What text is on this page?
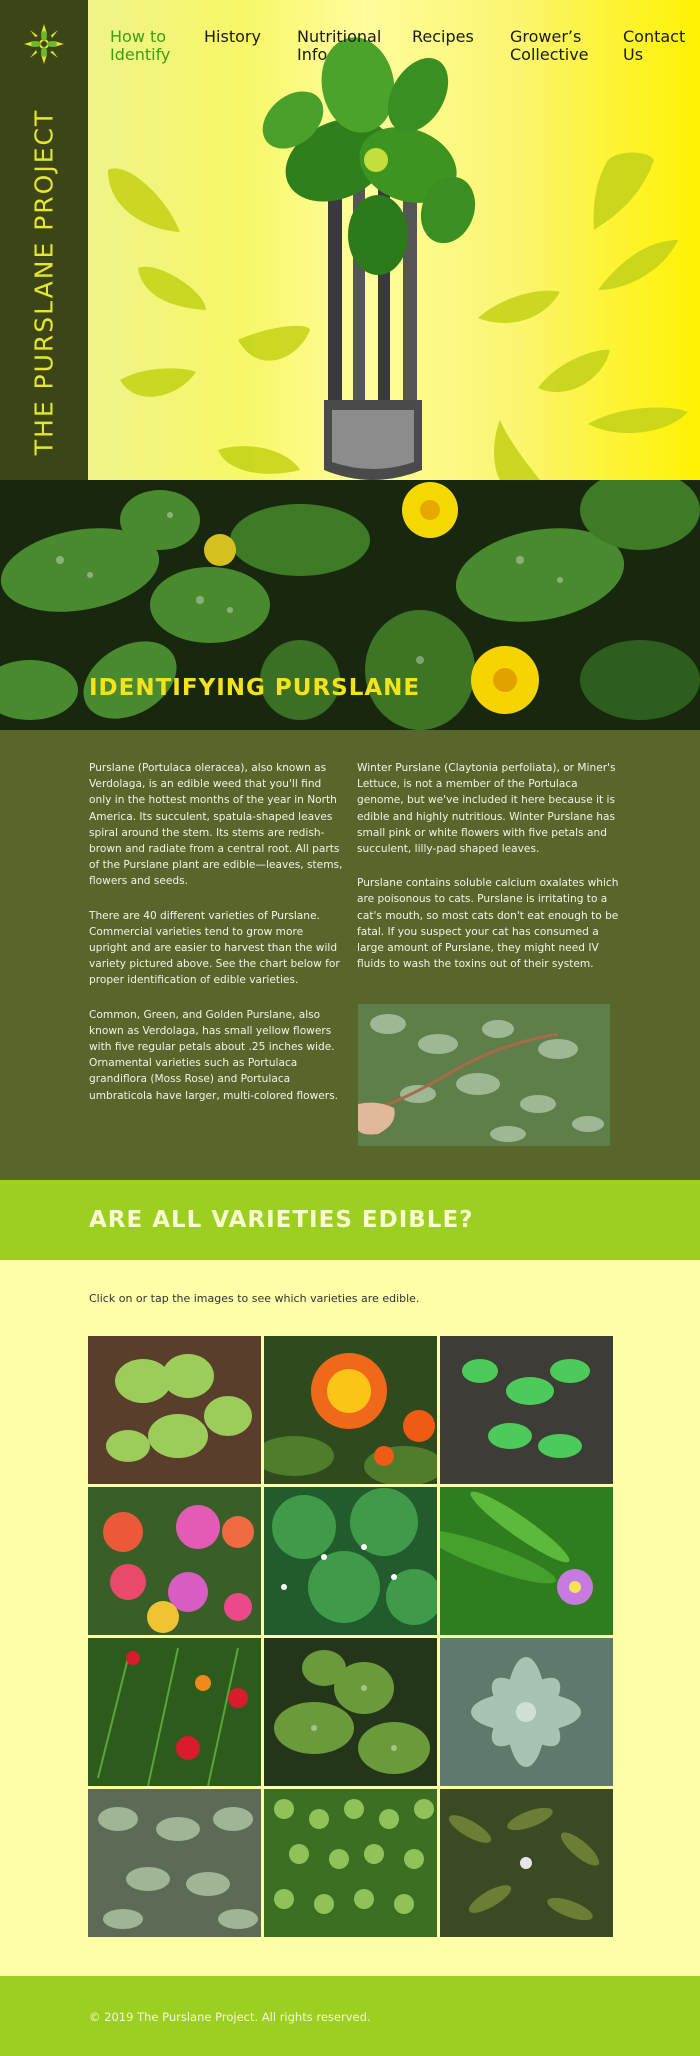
THE PURSLANE PROJECT
How to
Identify
History Nutritional
Info
Recipes Grower’s
Collective
Contact
Us
IDENTIFYING PURSLANE

Purslane (Portulaca oleracea), also known as Verdolaga, is an edible weed that you'll find only in the hottest months of the year in North America. Its succulent, spatula-shaped leaves spiral around the stem. Its stems are redish-brown and radiate from a central root. All parts of the Purslane plant are edible—leaves, stems, flowers and seeds.

There are 40 different varieties of Purslane. Commercial varieties tend to grow more upright and are easier to harvest than the wild variety pictured above. See the chart below for proper identification of edible varieties.

Common, Green, and Golden Purslane, also known as Verdolaga, has small yellow flowers with five regular petals about .25 inches wide. Ornamental varieties such as Portulaca grandiflora (Moss Rose) and Portulaca umbraticola have larger, multi-colored flowers.

Winter Purslane (Claytonia perfoliata), or Miner's Lettuce, is not a member of the Portulaca genome, but we've included it here because it is edible and highly nutritious. Winter Purslane has small pink or white flowers with five petals and succulent, lilly-pad shaped leaves.

Purslane contains soluble calcium oxalates which are poisonous to cats. Purslane is irritating to a cat's mouth, so most cats don't eat enough to be fatal. If you suspect your cat has consumed a large amount of Purslane, they might need IV fluids to wash the toxins out of their system.

ARE ALL VARIETIES EDIBLE?

Click on or tap the images to see which varieties are edible.

© 2019 The Purslane Project. All rights reserved.
